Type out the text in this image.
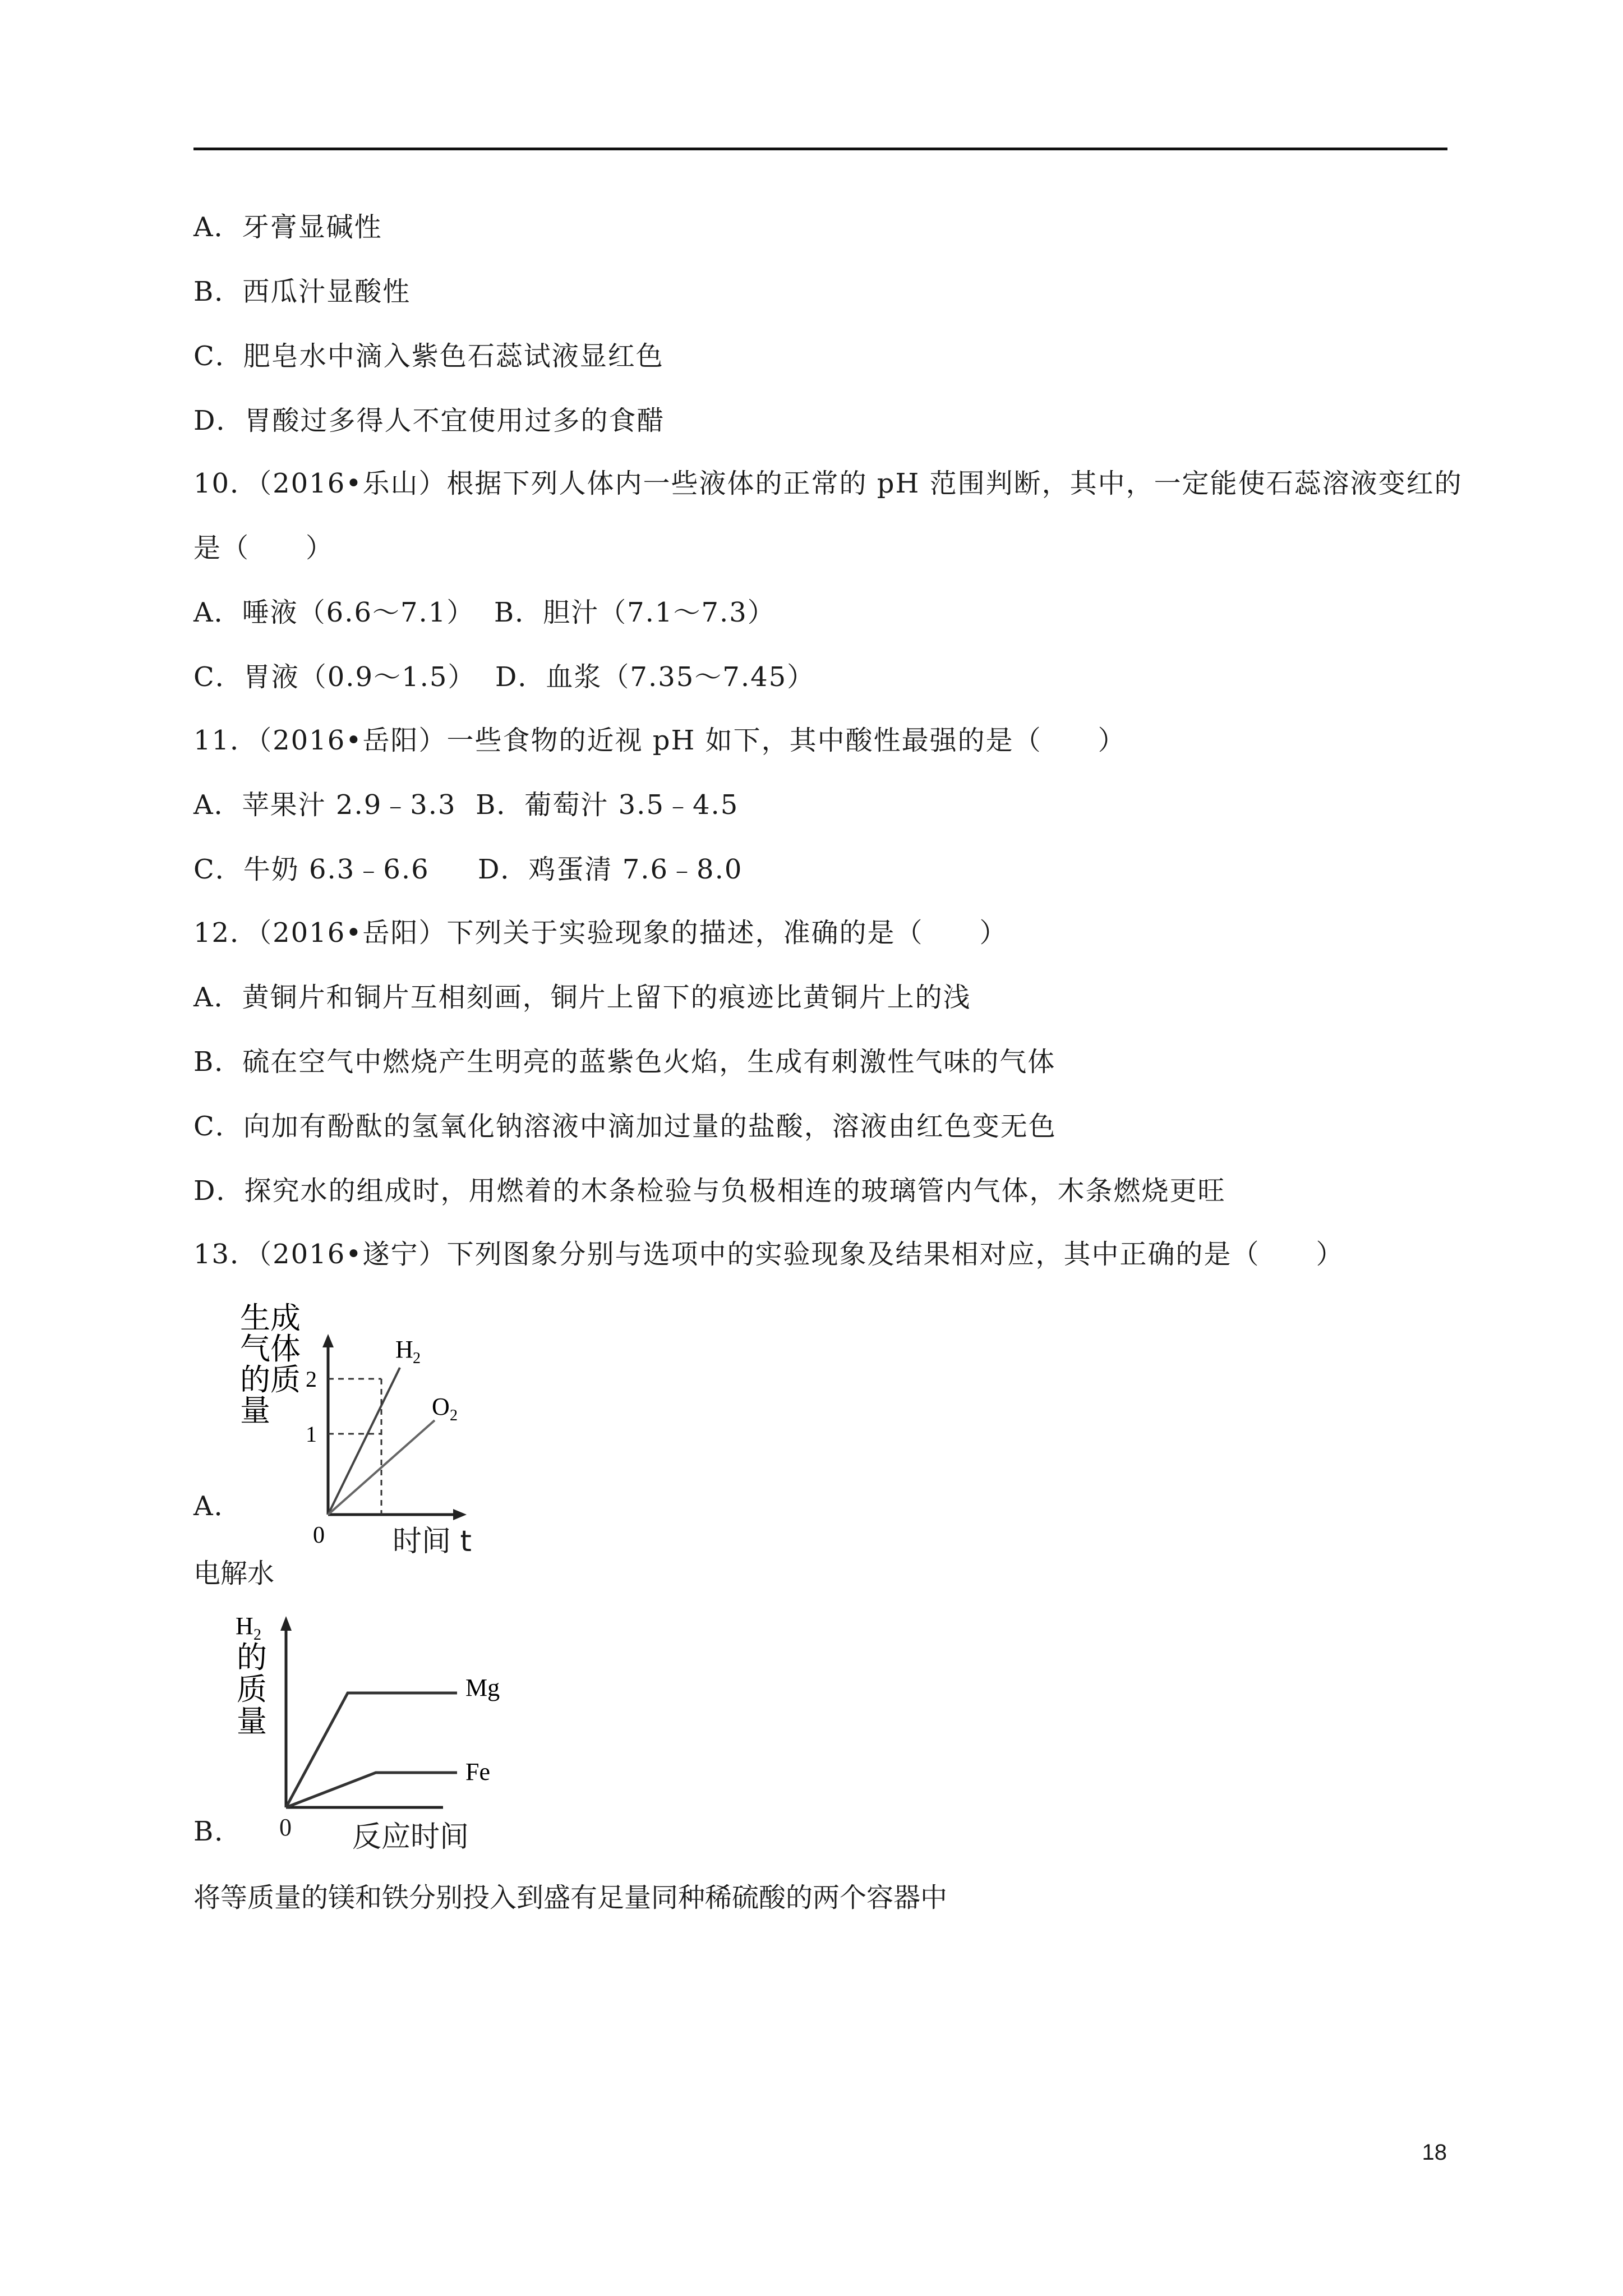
A．牙膏显碱性
B．西瓜汁显酸性
C．肥皂水中滴入紫色石蕊试液显红色
D．胃酸过多得人不宜使用过多的食醋
10．（2016•乐山）根据下列人体内一些液体的正常的 pH 范围判断，其中，一定能使石蕊溶液变红的
是（　　）
A．唾液（6.6～7.1）  B．胆汁（7.1～7.3）
C．胃液（0.9～1.5）  D．血浆（7.35～7.45）
11．（2016•岳阳）一些食物的近视 pH 如下，其中酸性最强的是（　　）
A．苹果汁 2.9﹣3.3  B．葡萄汁 3.5﹣4.5
C．牛奶 6.3﹣6.6     D．鸡蛋清 7.6﹣8.0
12．（2016•岳阳）下列关于实验现象的描述，准确的是（　　）
A．黄铜片和铜片互相刻画，铜片上留下的痕迹比黄铜片上的浅
B．硫在空气中燃烧产生明亮的蓝紫色火焰，生成有刺激性气味的气体
C．向加有酚酞的氢氧化钠溶液中滴加过量的盐酸，溶液由红色变无色
D．探究水的组成时，用燃着的木条检验与负极相连的玻璃管内气体，木条燃烧更旺
13．（2016•遂宁）下列图象分别与选项中的实验现象及结果相对应，其中正确的是（　　）
A．
生成
气体
的质
量
2
1
H 2
O 2
0 时间 t
电解水
B．
H 2
的
质
量
Mg
Fe
0 反应时间
将等质量的镁和铁分别投入到盛有足量同种稀硫酸的两个容器中
18
